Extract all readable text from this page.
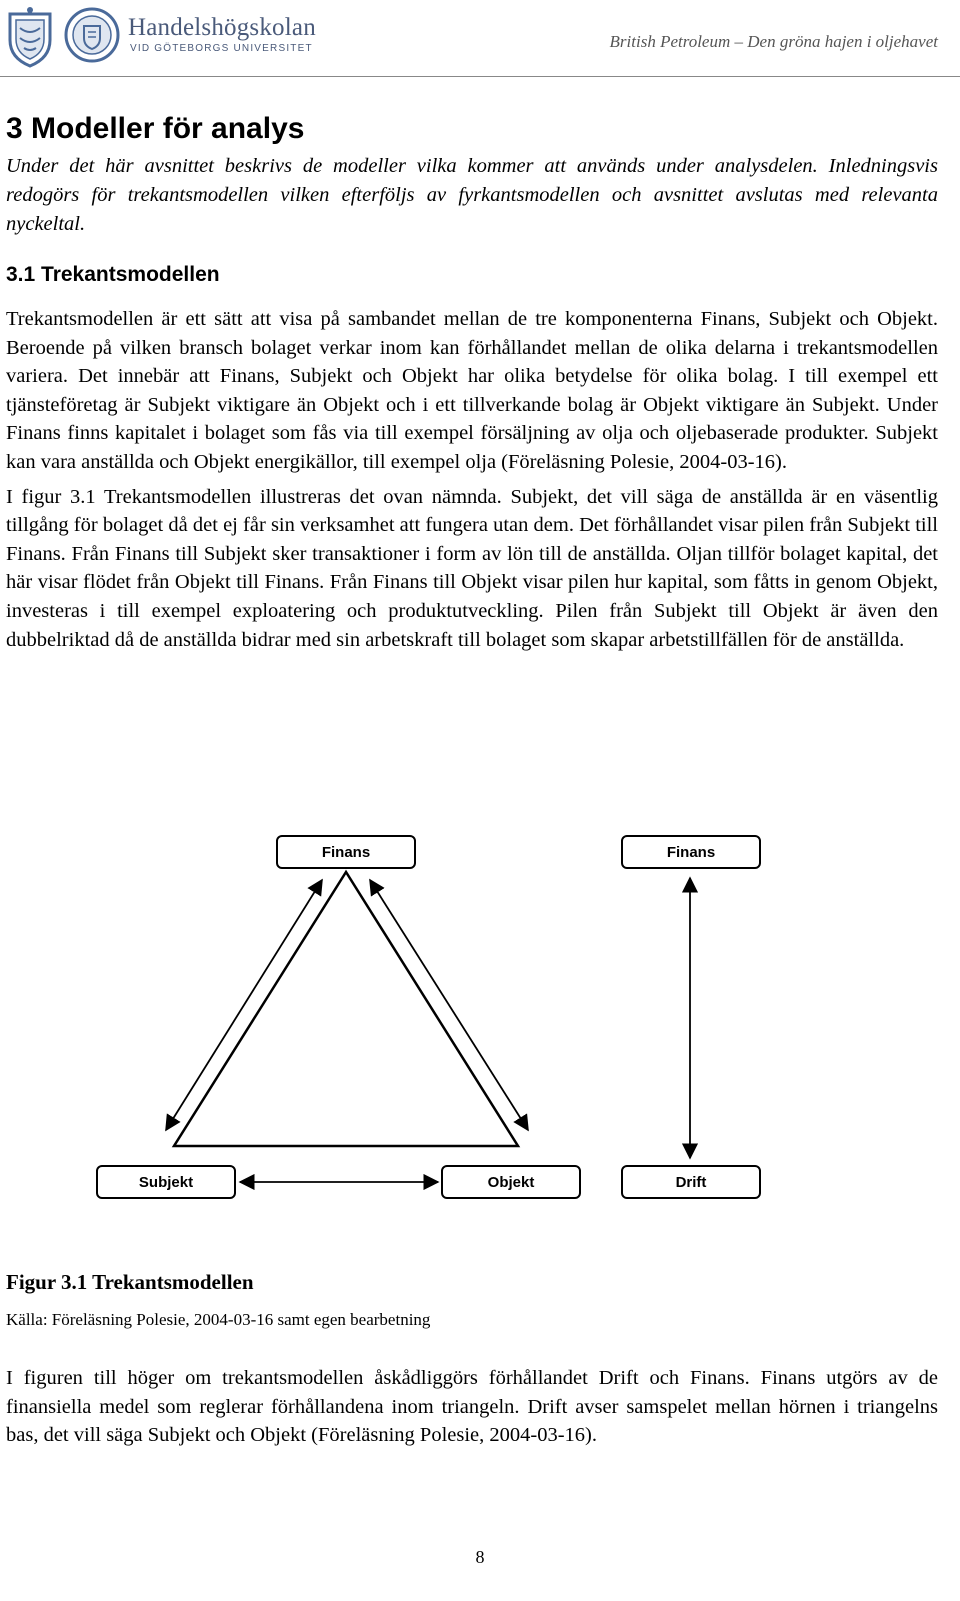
Handelshögskolan
VID GÖTEBORGS UNIVERSITET	British Petroleum – Den gröna hajen i oljehavet
3 Modeller för analys

Under det här avsnittet beskrivs de modeller vilka kommer att används under analysdelen. Inledningsvis redogörs för trekantsmodellen vilken efterföljs av fyrkantsmodellen och avsnittet avslutas med relevanta nyckeltal.

3.1 Trekantsmodellen

Trekantsmodellen är ett sätt att visa på sambandet mellan de tre komponenterna Finans, Subjekt och Objekt. Beroende på vilken bransch bolaget verkar inom kan förhållandet mellan de olika delarna i trekantsmodellen variera. Det innebär att Finans, Subjekt och Objekt har olika betydelse för olika bolag. I till exempel ett tjänsteföretag är Subjekt viktigare än Objekt och i ett tillverkande bolag är Objekt viktigare än Subjekt. Under Finans finns kapitalet i bolaget som fås via till exempel försäljning av olja och oljebaserade produkter. Subjekt kan vara anställda och Objekt energikällor, till exempel olja (Föreläsning Polesie, 2004-03-16).

I figur 3.1 Trekantsmodellen illustreras det ovan nämnda. Subjekt, det vill säga de anställda är en väsentlig tillgång för bolaget då det ej får sin verksamhet att fungera utan dem. Det förhållandet visar pilen från Subjekt till Finans. Från Finans till Subjekt sker transaktioner i form av lön till de anställda. Oljan tillför bolaget kapital, det här visar flödet från Objekt till Finans. Från Finans till Objekt visar pilen hur kapital, som fåtts in genom Objekt, investeras i till exempel exploatering och produktutveckling. Pilen från Subjekt till Objekt är även den dubbelriktad då de anställda bidrar med sin arbetskraft till bolaget som skapar arbetstillfällen för de anställda.

Finans	Finans
Subjekt	Objekt	Drift
Figur 3.1 Trekantsmodellen
Källa: Föreläsning Polesie, 2004-03-16 samt egen bearbetning

I figuren till höger om trekantsmodellen åskådliggörs förhållandet Drift och Finans. Finans utgörs av de finansiella medel som reglerar förhållandena inom triangeln. Drift avser samspelet mellan hörnen i triangelns bas, det vill säga Subjekt och Objekt (Föreläsning Polesie, 2004-03-16).

8
